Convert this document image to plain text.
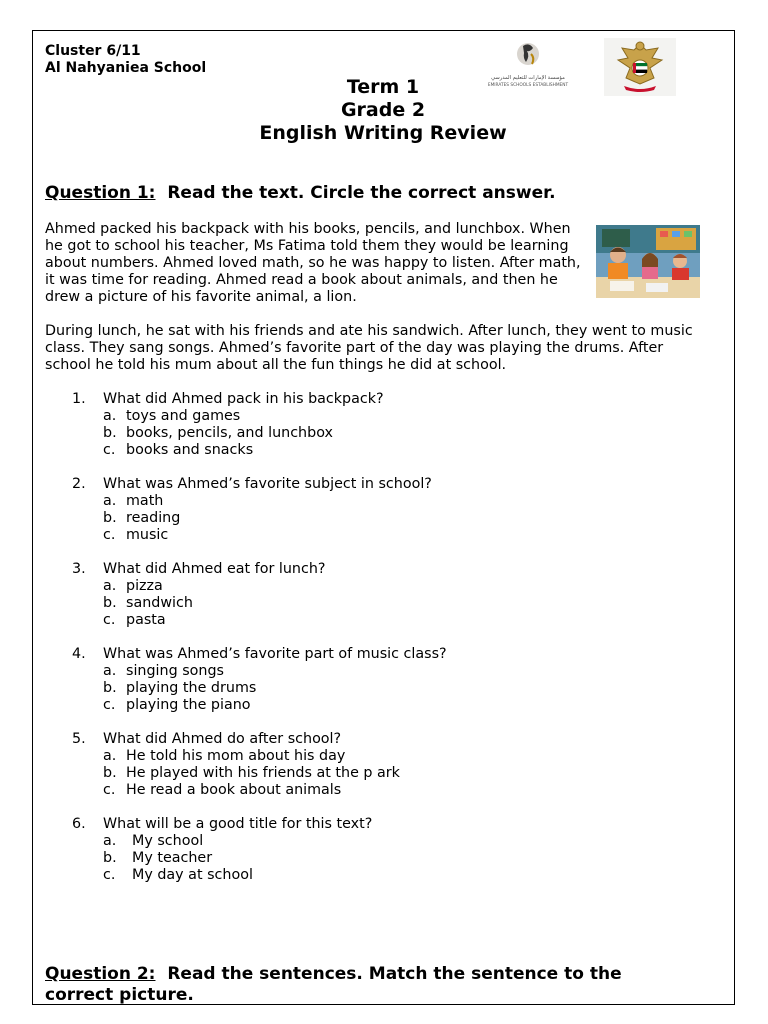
Cluster 6/11
Al Nahyaniea School
مؤسسة الإمارات للتعليم المدرسي
EMIRATES SCHOOLS ESTABLISHMENT
Term 1
Grade 2
English Writing Review
Question 1: Read the text. Circle the correct answer.

Ahmed packed his backpack with his books, pencils, and lunchbox. When he got to school his teacher, Ms Fatima told them they would be learning about numbers. Ahmed loved math, so he was happy to listen. After math, it was time for reading. Ahmed read a book about animals, and then he drew a picture of his favorite animal, a lion.

During lunch, he sat with his friends and ate his sandwich. After lunch, they went to music class. They sang songs. Ahmed’s favorite part of the day was playing the drums. After school he told his mum about all the fun things he did at school.

1. What did Ahmed pack in his backpack?
a. toys and games
b. books, pencils, and lunchbox
c. books and snacks
2. What was Ahmed’s favorite subject in school?
a. math
b. reading
c. music
3. What did Ahmed eat for lunch?
a. pizza
b. sandwich
c. pasta
4. What was Ahmed’s favorite part of music class?
a. singing songs
b. playing the drums
c. playing the piano
5. What did Ahmed do after school?
a. He told his mom about his day
b. He played with his friends at the p ark
c. He read a book about animals
6. What will be a good title for this text?
a. My school
b. My teacher
c. My day at school
Question 2: Read the sentences. Match the sentence to the correct picture.
